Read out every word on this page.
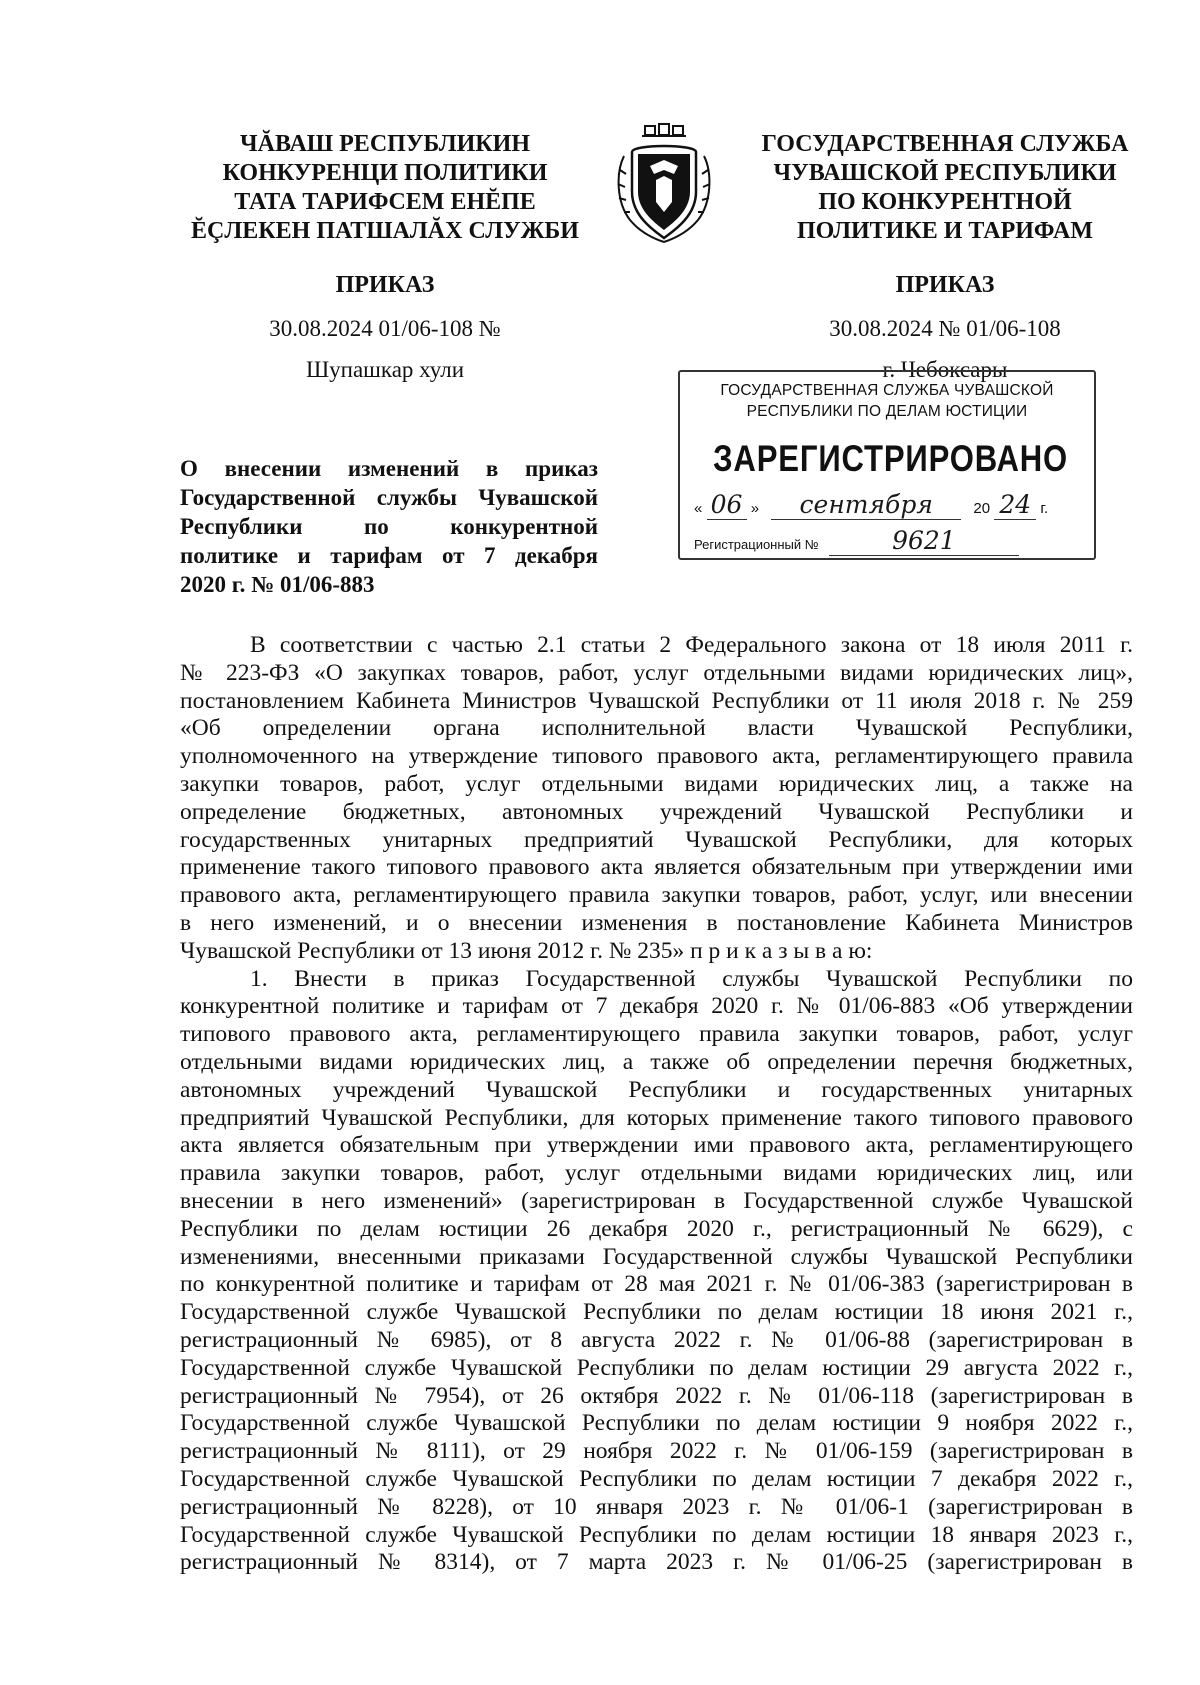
ЧĂВАШ РЕСПУБЛИКИН
КОНКУРЕНЦИ ПОЛИТИКИ
ТАТА ТАРИФСЕМ ЕНĔПЕ
ĔÇЛЕКЕН ПАТШАЛĂХ СЛУЖБИ
ГОСУДАРСТВЕННАЯ СЛУЖБА
ЧУВАШСКОЙ РЕСПУБЛИКИ
ПО КОНКУРЕНТНОЙ
ПОЛИТИКЕ И ТАРИФАМ
ПРИКАЗ	ПРИКАЗ
30.08.2024 01/06-108 №	30.08.2024 № 01/06-108
Шупашкар хули	г. Чебоксары
ГОСУДАРСТВЕННАЯ СЛУЖБА ЧУВАШСКОЙ
РЕСПУБЛИКИ ПО ДЕЛАМ ЮСТИЦИИ
ЗАРЕГИСТРИРОВАНО
« 06 » сентября	20 24 г.
Регистрационный №	9621
О внесении изменений в приказ
Государственной службы Чувашской
Республики по конкурентной
политике и тарифам от 7 декабря
2020 г. № 01/06-883
В соответствии с частью 2.1 статьи 2 Федерального закона от 18 июля 2011 г.
№ 223-ФЗ «О закупках товаров, работ, услуг отдельными видами юридических лиц»,
постановлением Кабинета Министров Чувашской Республики от 11 июля 2018 г. № 259
«Об определении органа исполнительной власти Чувашской Республики,
уполномоченного на утверждение типового правового акта, регламентирующего правила
закупки товаров, работ, услуг отдельными видами юридических лиц, а также на
определение бюджетных, автономных учреждений Чувашской Республики и
государственных унитарных предприятий Чувашской Республики, для которых
применение такого типового правового акта является обязательным при утверждении ими
правового акта, регламентирующего правила закупки товаров, работ, услуг, или внесении
в него изменений, и о внесении изменения в постановление Кабинета Министров
Чувашской Республики от 13 июня 2012 г. № 235» п р и к а з ы в а ю:
1. Внести в приказ Государственной службы Чувашской Республики по
конкурентной политике и тарифам от 7 декабря 2020 г. № 01/06-883 «Об утверждении
типового правового акта, регламентирующего правила закупки товаров, работ, услуг
отдельными видами юридических лиц, а также об определении перечня бюджетных,
автономных учреждений Чувашской Республики и государственных унитарных
предприятий Чувашской Республики, для которых применение такого типового правового
акта является обязательным при утверждении ими правового акта, регламентирующего
правила закупки товаров, работ, услуг отдельными видами юридических лиц, или
внесении в него изменений» (зарегистрирован в Государственной службе Чувашской
Республики по делам юстиции 26 декабря 2020 г., регистрационный № 6629), с
изменениями, внесенными приказами Государственной службы Чувашской Республики
по конкурентной политике и тарифам от 28 мая 2021 г. № 01/06-383 (зарегистрирован в
Государственной службе Чувашской Республики по делам юстиции 18 июня 2021 г.,
регистрационный № 6985), от 8 августа 2022 г. № 01/06-88 (зарегистрирован в
Государственной службе Чувашской Республики по делам юстиции 29 августа 2022 г.,
регистрационный № 7954), от 26 октября 2022 г. № 01/06-118 (зарегистрирован в
Государственной службе Чувашской Республики по делам юстиции 9 ноября 2022 г.,
регистрационный № 8111), от 29 ноября 2022 г. № 01/06-159 (зарегистрирован в
Государственной службе Чувашской Республики по делам юстиции 7 декабря 2022 г.,
регистрационный № 8228), от 10 января 2023 г. № 01/06-1 (зарегистрирован в
Государственной службе Чувашской Республики по делам юстиции 18 января 2023 г.,
регистрационный № 8314), от 7 марта 2023 г. № 01/06-25 (зарегистрирован в
